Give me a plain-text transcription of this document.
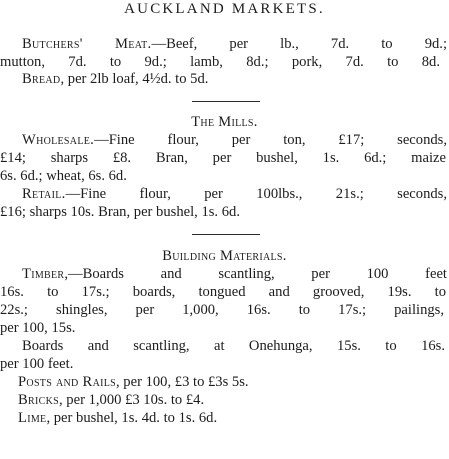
AUCKLAND MARKETS.
Butchers' Meat.—Beef, per lb., 7d. to 9d.;
mutton, 7d. to 9d.; lamb, 8d.; pork, 7d. to 8d.
Bread, per 2lb loaf, 4½d. to 5d.
The Mills.
Wholesale.—Fine flour, per ton, £17; seconds,
£14; sharps £8. Bran, per bushel, 1s. 6d.; maize
6s. 6d.; wheat, 6s. 6d.
Retail.—Fine flour, per 100lbs., 21s.; seconds,
£16; sharps 10s. Bran, per bushel, 1s. 6d.
Building Materials.
Timber,—Boards and scantling, per 100 feet
16s. to 17s.; boards, tongued and grooved, 19s. to
22s.; shingles, per 1,000, 16s. to 17s.; pailings,
per 100, 15s.
Boards and scantling, at Onehunga, 15s. to 16s.
per 100 feet.
Posts and Rails, per 100, £3 to £3s 5s.
Bricks, per 1,000 £3 10s. to £4.
Lime, per bushel, 1s. 4d. to 1s. 6d.
